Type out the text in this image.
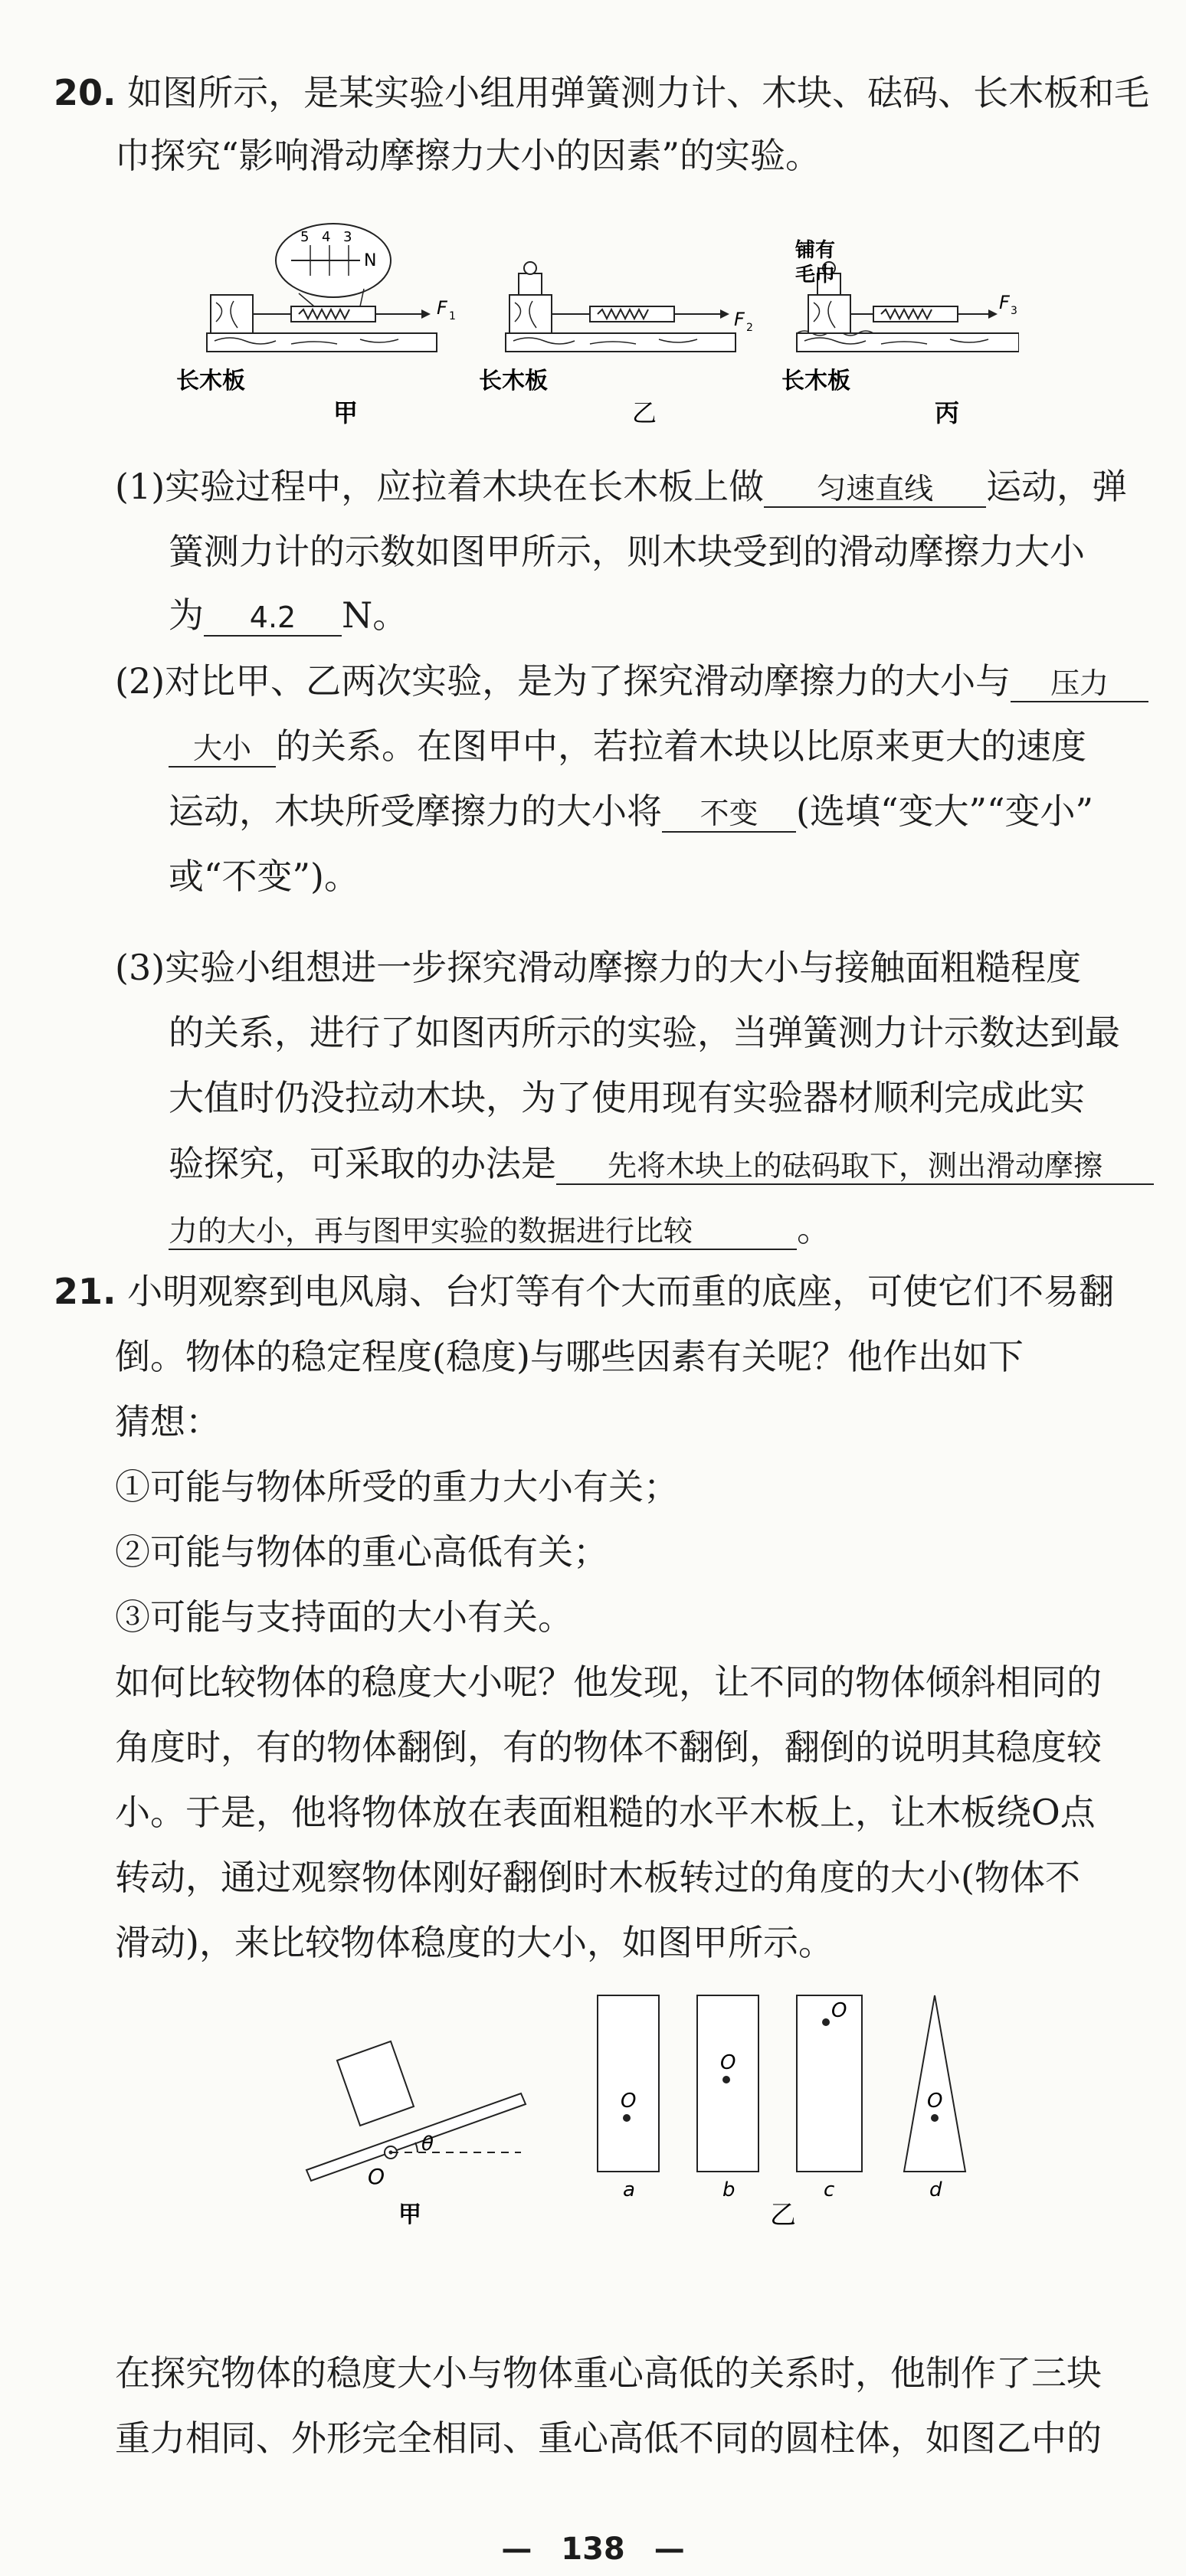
20. 如图所示，是某实验小组用弹簧测力计、木块、砝码、长木板和毛
巾探究“影响滑动摩擦力大小的因素”的实验。
F 1
5 4 3
N
F 2
F 3
铺有
毛巾
长木板	长木板	长木板
甲	乙	丙
(1)实验过程中，应拉着木块在长木板上做 匀速直线 运动，弹
簧测力计的示数如图甲所示，则木块受到的滑动摩擦力大小
为 4.2 N。
(2)对比甲、乙两次实验，是为了探究滑动摩擦力的大小与 压力
大小 的关系。在图甲中，若拉着木块以比原来更大的速度
运动，木块所受摩擦力的大小将 不变 (选填“变大”“变小”
或“不变”)。
(3)实验小组想进一步探究滑动摩擦力的大小与接触面粗糙程度
的关系，进行了如图丙所示的实验，当弹簧测力计示数达到最
大值时仍没拉动木块，为了使用现有实验器材顺利完成此实
验探究，可采取的办法是 先将木块上的砝码取下，测出滑动摩擦
力的大小，再与图甲实验的数据进行比较	。
21. 小明观察到电风扇、台灯等有个大而重的底座，可使它们不易翻
倒。物体的稳定程度(稳度)与哪些因素有关呢？他作出如下
猜想：
①可能与物体所受的重力大小有关；
②可能与物体的重心高低有关；
③可能与支持面的大小有关。
如何比较物体的稳度大小呢？他发现，让不同的物体倾斜相同的
角度时，有的物体翻倒，有的物体不翻倒，翻倒的说明其稳度较
小。于是，他将物体放在表面粗糙的水平木板上，让木板绕O点
转动，通过观察物体刚好翻倒时木板转过的角度的大小(物体不
滑动)，来比较物体稳度的大小，如图甲所示。
θ
O
甲
O
a
O
b
O
c
O
d
乙
在探究物体的稳度大小与物体重心高低的关系时，他制作了三块
重力相同、外形完全相同、重心高低不同的圆柱体，如图乙中的
— 138 —
